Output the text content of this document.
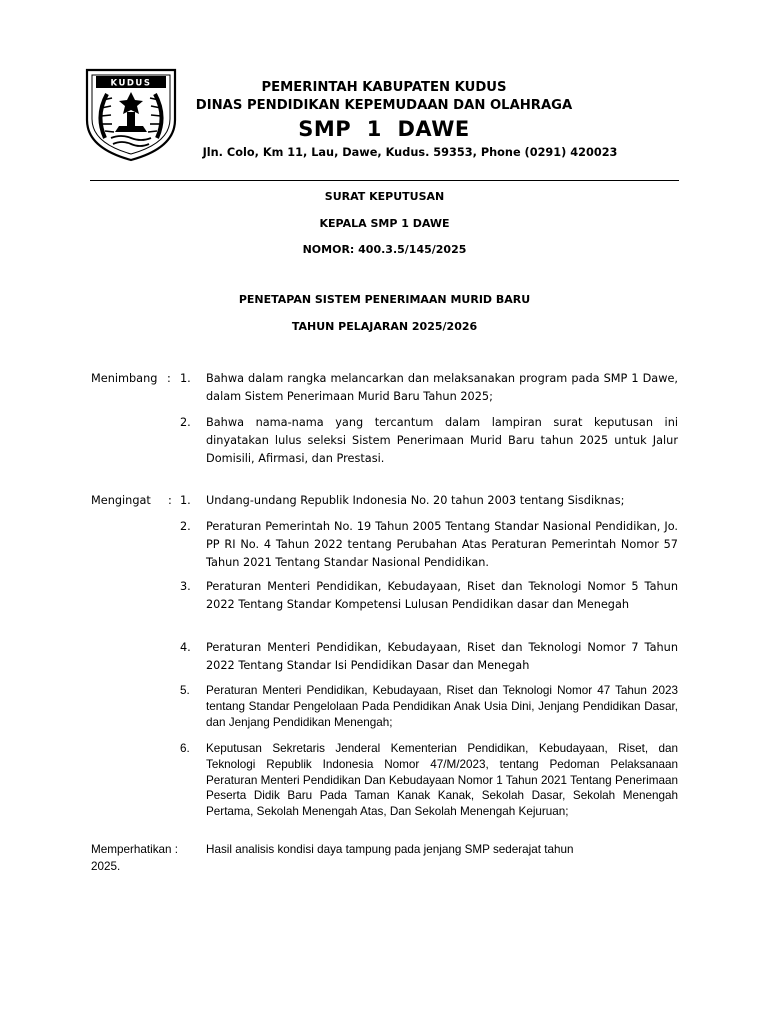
KUDUS	PEMERINTAH KABUPATEN KUDUS
DINAS PENDIDIKAN KEPEMUDAAN DAN OLAHRAGA
SMP  1  DAWE
Jln. Colo, Km 11, Lau, Dawe, Kudus. 59353, Phone (0291) 420023
SURAT KEPUTUSAN
KEPALA SMP 1 DAWE
NOMOR: 400.3.5/145/2025
PENETAPAN SISTEM PENERIMAAN MURID BARU
TAHUN PELAJARAN 2025/2026
Menimbang : 1. Bahwa dalam rangka melancarkan dan melaksanakan program pada SMP 1 Dawe, dalam Sistem Penerimaan Murid Baru Tahun 2025;
2. Bahwa nama-nama yang tercantum dalam lampiran surat keputusan ini dinyatakan lulus seleksi Sistem Penerimaan Murid Baru tahun 2025 untuk Jalur Domisili, Afirmasi, dan Prestasi.
Mengingat : 1. Undang-undang Republik Indonesia No. 20 tahun 2003 tentang Sisdiknas;
2. Peraturan Pemerintah No. 19 Tahun 2005 Tentang Standar Nasional Pendidikan, Jo. PP RI No. 4 Tahun 2022 tentang Perubahan Atas Peraturan Pemerintah Nomor 57 Tahun 2021 Tentang Standar Nasional Pendidikan.
3. Peraturan Menteri Pendidikan, Kebudayaan, Riset dan Teknologi Nomor 5 Tahun 2022 Tentang Standar Kompetensi Lulusan Pendidikan dasar dan Menegah
4. Peraturan Menteri Pendidikan, Kebudayaan, Riset dan Teknologi Nomor 7 Tahun 2022 Tentang Standar Isi Pendidikan Dasar dan Menegah
5. Peraturan Menteri Pendidikan, Kebudayaan, Riset dan Teknologi Nomor 47 Tahun 2023 tentang Standar Pengelolaan Pada Pendidikan Anak Usia Dini, Jenjang Pendidikan Dasar, dan Jenjang Pendidikan Menengah;
6. Keputusan Sekretaris Jenderal Kementerian Pendidikan, Kebudayaan, Riset, dan Teknologi Republik Indonesia Nomor 47/M/2023, tentang Pedoman Pelaksanaan Peraturan Menteri Pendidikan Dan Kebudayaan Nomor 1 Tahun 2021 Tentang Penerimaan Peserta Didik Baru Pada Taman Kanak Kanak, Sekolah Dasar, Sekolah Menengah Pertama, Sekolah Menengah Atas, Dan Sekolah Menengah Kejuruan;
Memperhatikan : Hasil analisis kondisi daya tampung pada jenjang SMP sederajat tahun
2025.
